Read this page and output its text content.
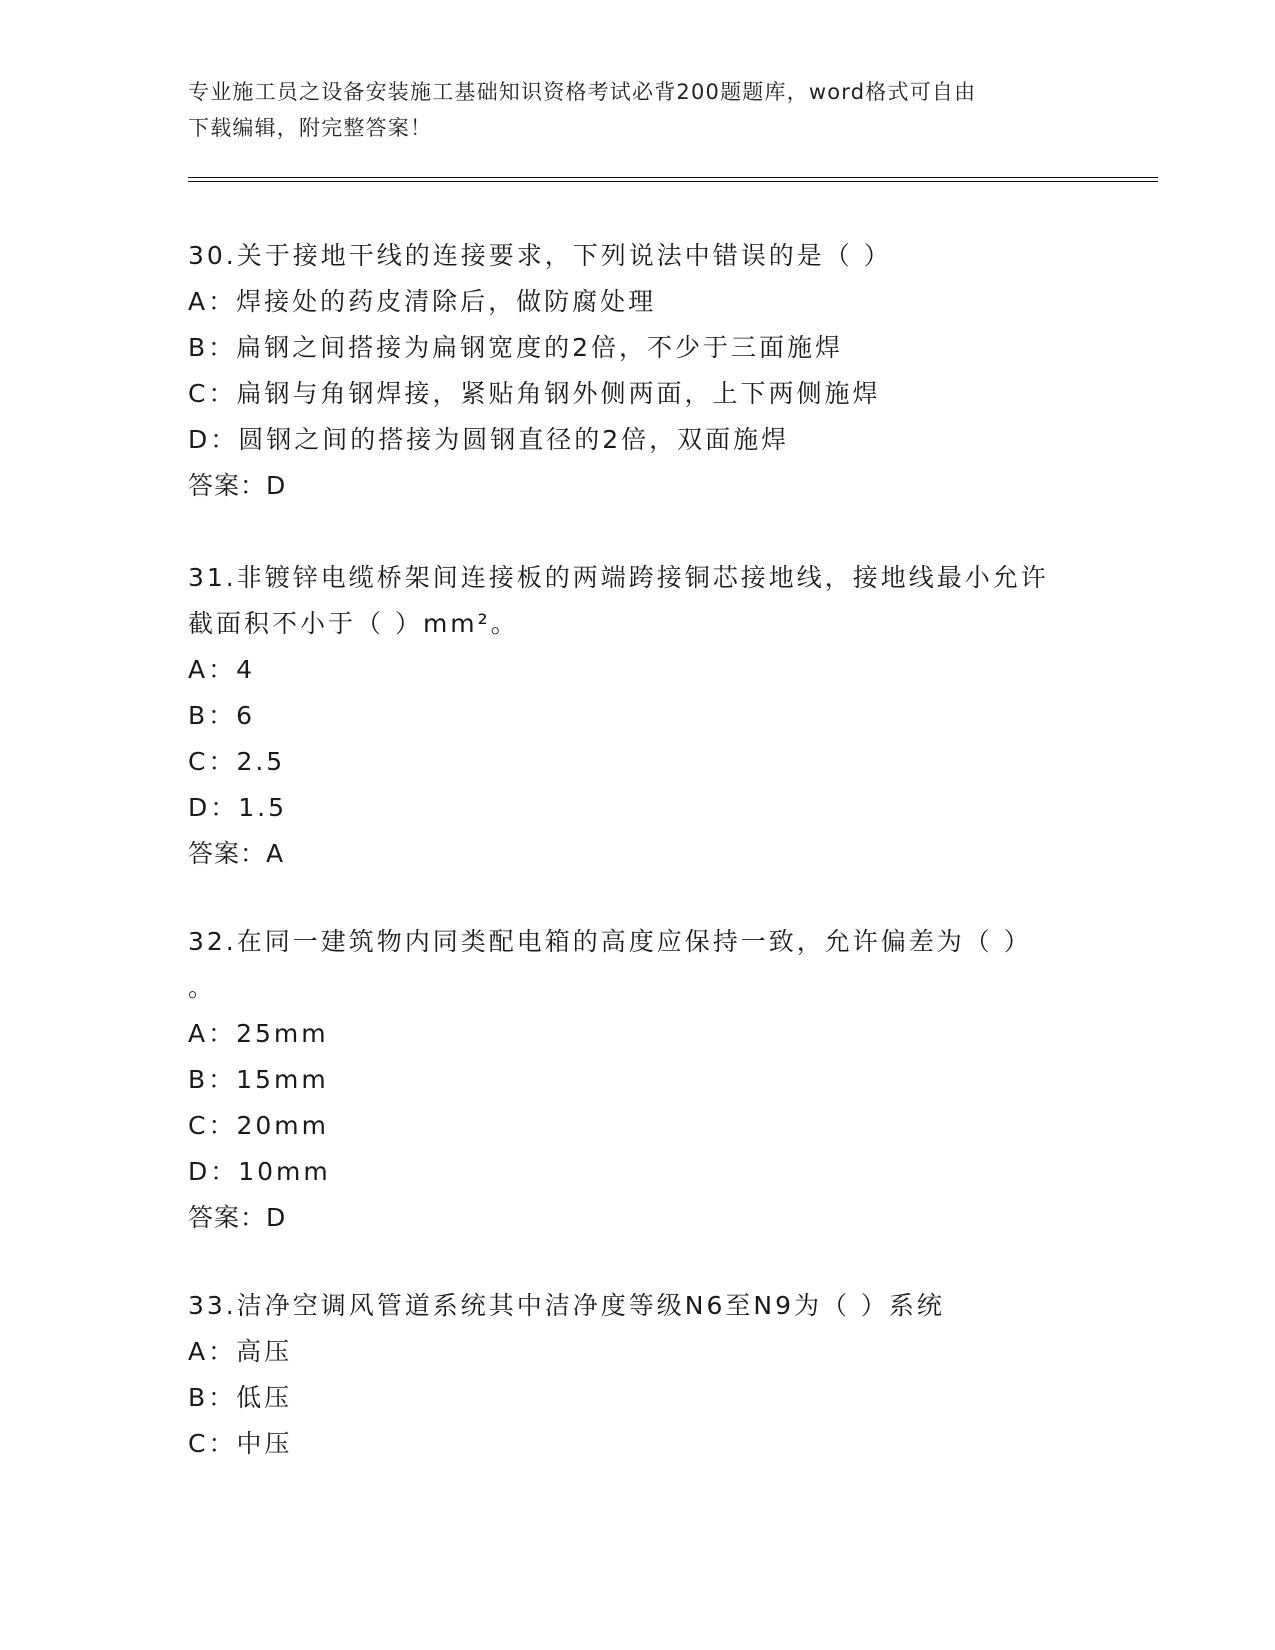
专业施工员之设备安装施工基础知识资格考试必背200题题库，word格式可自由
下载编辑，附完整答案！
30.关于接地干线的连接要求，下列说法中错误的是（ ）
A：焊接处的药皮清除后，做防腐处理
B：扁钢之间搭接为扁钢宽度的2倍，不少于三面施焊
C：扁钢与角钢焊接，紧贴角钢外侧两面，上下两侧施焊
D：圆钢之间的搭接为圆钢直径的2倍，双面施焊
答案：D
31.非镀锌电缆桥架间连接板的两端跨接铜芯接地线，接地线最小允许
截面积不小于（ ）mm²。
A：4
B：6
C：2.5
D：1.5
答案：A
32.在同一建筑物内同类配电箱的高度应保持一致，允许偏差为（ ）
。
A：25mm
B：15mm
C：20mm
D：10mm
答案：D
33.洁净空调风管道系统其中洁净度等级N6至N9为（ ）系统
A：高压
B：低压
C：中压
